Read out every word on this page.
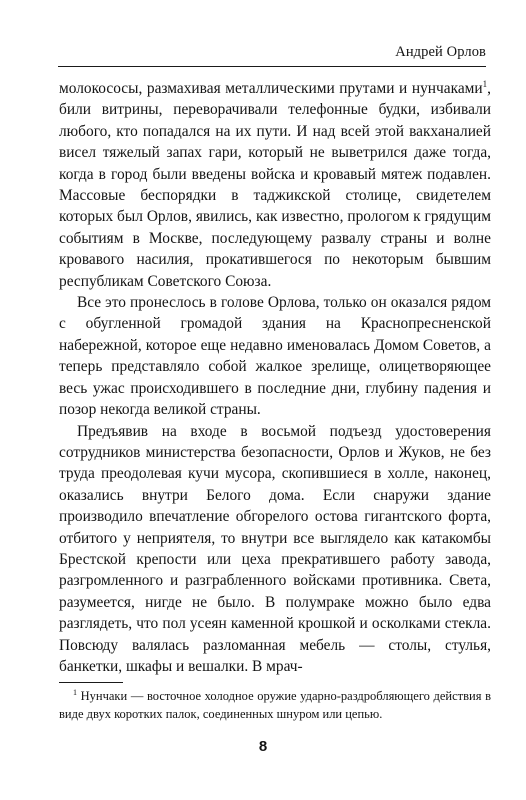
Андрей Орлов

молокососы, размахивая металлическими прутами и нунчаками$^1$, били витрины, переворачивали телефонные будки, избивали любого, кто попадался на их пути. И над всей этой вакханалией висел тяжелый запах гари, который не выветрился даже тогда, когда в город были введены войска и кровавый мятеж подавлен. Массовые беспорядки в таджикской столице, свидетелем которых был Орлов, явились, как известно, прологом к грядущим событиям в Москве, последующему развалу страны и волне кровавого насилия, прокатившегося по некоторым бывшим республикам Советского Союза.

Все это пронеслось в голове Орлова, только он оказался рядом с обугленной громадой здания на Краснопресненской набережной, которое еще недавно именовалась Домом Советов, а теперь представляло собой жалкое зрелище, олицетворяющее весь ужас происходившего в последние дни, глубину падения и позор некогда великой страны.

Предъявив на входе в восьмой подъезд удостоверения сотрудников министерства безопасности, Орлов и Жуков, не без труда преодолевая кучи мусора, скопившиеся в холле, наконец, оказались внутри Белого дома. Если снаружи здание производило впечатление обгорелого остова гигантского форта, отбитого у неприятеля, то внутри все выглядело как катакомбы Брестской крепости или цеха прекратившего работу завода, разгромленного и разграбленного войсками противника. Света, разумеется, нигде не было. В полумраке можно было едва разглядеть, что пол усеян каменной крошкой и осколками стекла. Повсюду валялась разломанная мебель — столы, стулья, банкетки, шкафы и вешалки. В мрач-

$^1$ Нунчаки — восточное холодное оружие ударно-раздробляющего действия в виде двух коротких палок, соединенных шнуром или цепью.
8
